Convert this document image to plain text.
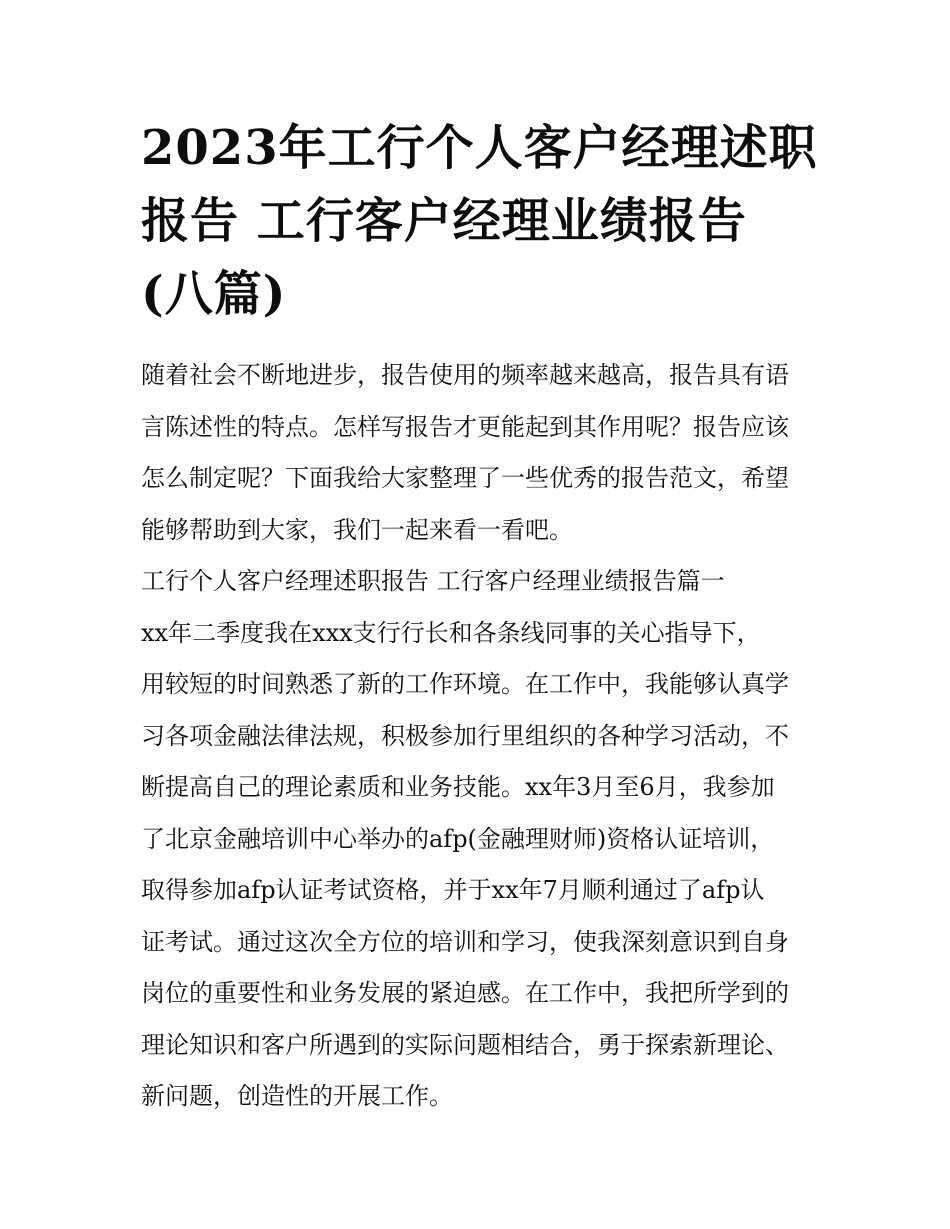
2023年工行个人客户经理述职
报告 工行客户经理业绩报告
(八篇)

随着社会不断地进步，报告使用的频率越来越高，报告具有语
言陈述性的特点。怎样写报告才更能起到其作用呢？报告应该
怎么制定呢？下面我给大家整理了一些优秀的报告范文，希望
能够帮助到大家，我们一起来看一看吧。

工行个人客户经理述职报告 工行客户经理业绩报告篇一

xx年二季度我在xxx支行行长和各条线同事的关心指导下，
用较短的时间熟悉了新的工作环境。在工作中，我能够认真学
习各项金融法律法规，积极参加行里组织的各种学习活动，不
断提高自己的理论素质和业务技能。xx年3月至6月，我参加
了北京金融培训中心举办的afp(金融理财师)资格认证培训，
取得参加afp认证考试资格，并于xx年7月顺利通过了afp认
证考试。通过这次全方位的培训和学习，使我深刻意识到自身
岗位的重要性和业务发展的紧迫感。在工作中，我把所学到的
理论知识和客户所遇到的实际问题相结合，勇于探索新理论、
新问题，创造性的开展工作。
